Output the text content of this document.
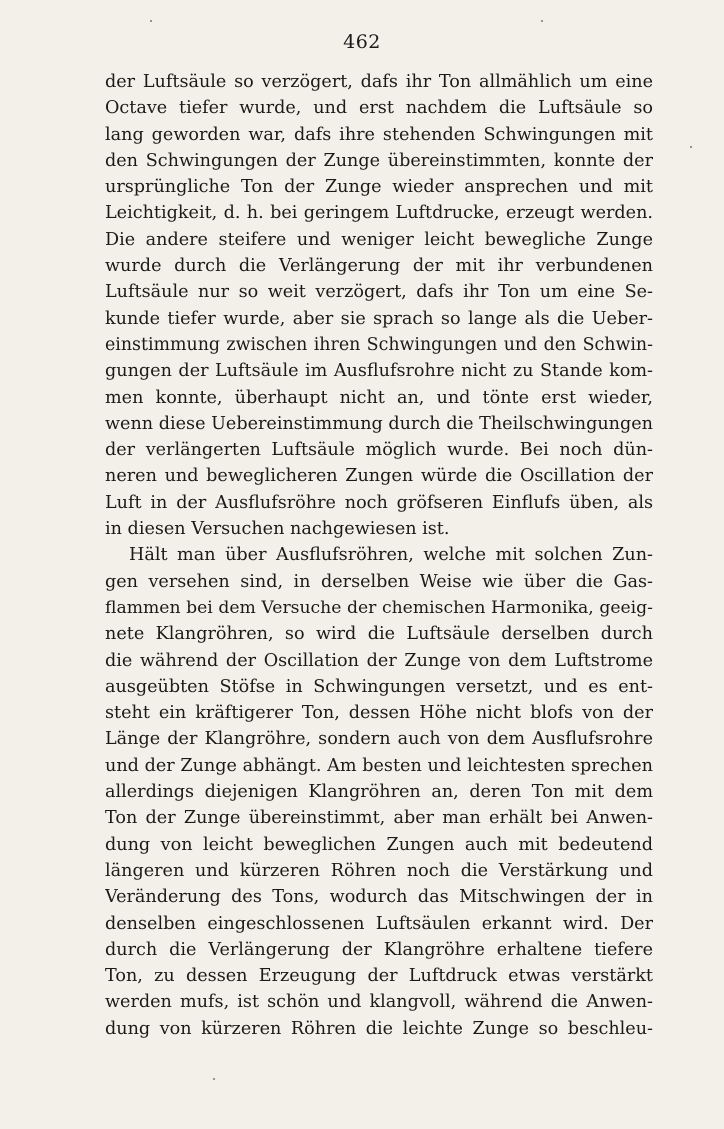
462
der Luftsäule so verzögert, dafs ihr Ton allmählich um eine
Octave tiefer wurde, und erst nachdem die Luftsäule so
lang geworden war, dafs ihre stehenden Schwingungen mit
den Schwingungen der Zunge übereinstimmten, konnte der
ursprüngliche Ton der Zunge wieder ansprechen und mit
Leichtigkeit, d. h. bei geringem Luftdrucke, erzeugt werden.
Die andere steifere und weniger leicht bewegliche Zunge
wurde durch die Verlängerung der mit ihr verbundenen
Luftsäule nur so weit verzögert, dafs ihr Ton um eine Se-
kunde tiefer wurde, aber sie sprach so lange als die Ueber-
einstimmung zwischen ihren Schwingungen und den Schwin-
gungen der Luftsäule im Ausflufsrohre nicht zu Stande kom-
men konnte, überhaupt nicht an, und tönte erst wieder,
wenn diese Uebereinstimmung durch die Theilschwingungen
der verlängerten Luftsäule möglich wurde. Bei noch dün-
neren und beweglicheren Zungen würde die Oscillation der
Luft in der Ausflufsröhre noch gröfseren Einflufs üben, als
in diesen Versuchen nachgewiesen ist.
Hält man über Ausflufsröhren, welche mit solchen Zun-
gen versehen sind, in derselben Weise wie über die Gas-
flammen bei dem Versuche der chemischen Harmonika, geeig-
nete Klangröhren, so wird die Luftsäule derselben durch
die während der Oscillation der Zunge von dem Luftstrome
ausgeübten Stöfse in Schwingungen versetzt, und es ent-
steht ein kräftigerer Ton, dessen Höhe nicht blofs von der
Länge der Klangröhre, sondern auch von dem Ausflufsrohre
und der Zunge abhängt. Am besten und leichtesten sprechen
allerdings diejenigen Klangröhren an, deren Ton mit dem
Ton der Zunge übereinstimmt, aber man erhält bei Anwen-
dung von leicht beweglichen Zungen auch mit bedeutend
längeren und kürzeren Röhren noch die Verstärkung und
Veränderung des Tons, wodurch das Mitschwingen der in
denselben eingeschlossenen Luftsäulen erkannt wird. Der
durch die Verlängerung der Klangröhre erhaltene tiefere
Ton, zu dessen Erzeugung der Luftdruck etwas verstärkt
werden mufs, ist schön und klangvoll, während die Anwen-
dung von kürzeren Röhren die leichte Zunge so beschleu-
